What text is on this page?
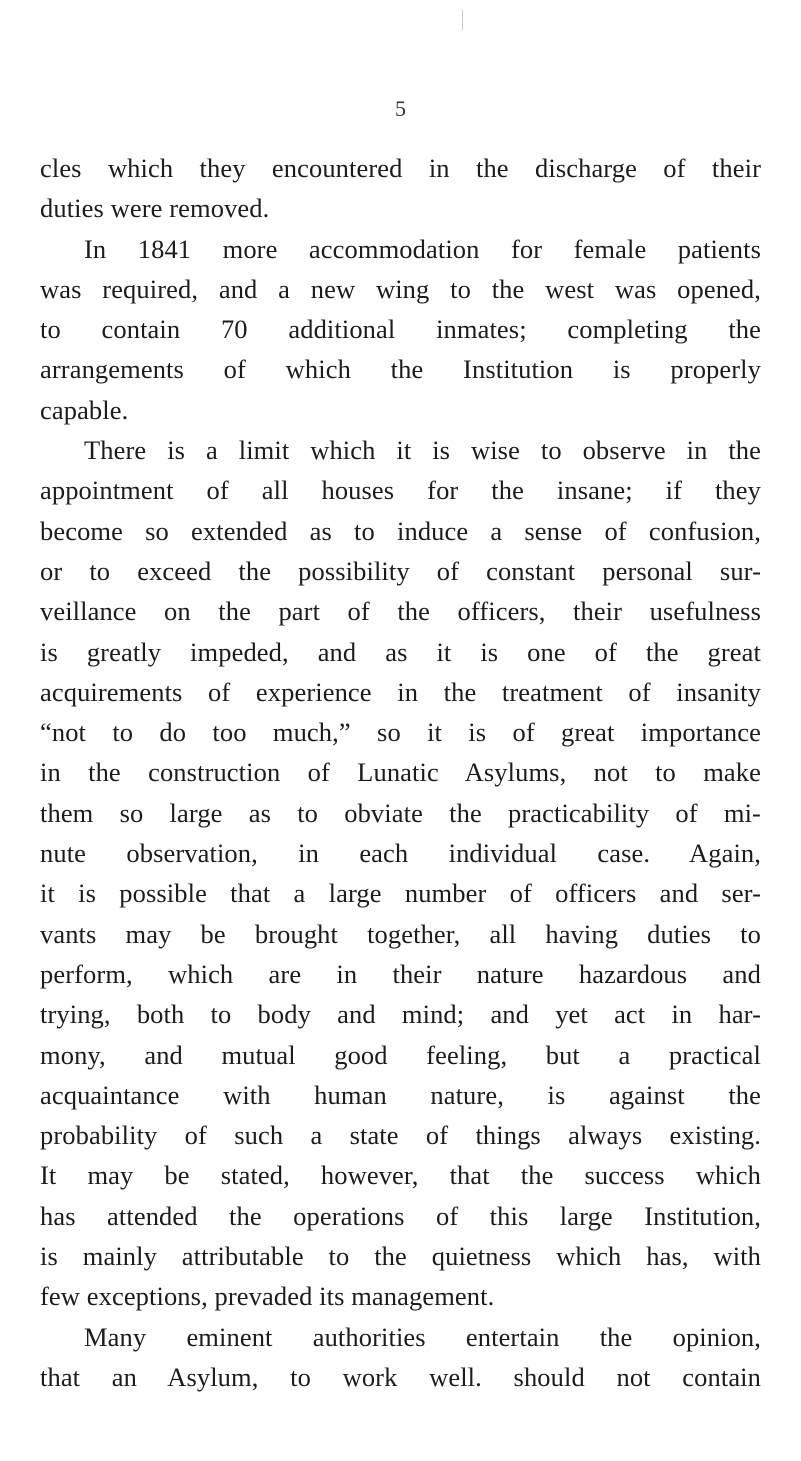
5
cles which they encountered in the discharge of their
duties were removed.
In 1841 more accommodation for female patients
was required, and a new wing to the west was opened,
to contain 70 additional inmates; completing the
arrangements of which the Institution is properly
capable.
There is a limit which it is wise to observe in the
appointment of all houses for the insane; if they
become so extended as to induce a sense of confusion,
or to exceed the possibility of constant personal sur-
veillance on the part of the officers, their usefulness
is greatly impeded, and as it is one of the great
acquirements of experience in the treatment of insanity
“not to do too much,” so it is of great importance
in the construction of Lunatic Asylums, not to make
them so large as to obviate the practicability of mi-
nute observation, in each individual case. Again,
it is possible that a large number of officers and ser-
vants may be brought together, all having duties to
perform, which are in their nature hazardous and
trying, both to body and mind; and yet act in har-
mony, and mutual good feeling, but a practical
acquaintance with human nature, is against the
probability of such a state of things always existing.
It may be stated, however, that the success which
has attended the operations of this large Institution,
is mainly attributable to the quietness which has, with
few exceptions, prevaded its management.
Many eminent authorities entertain the opinion,
that an Asylum, to work well. should not contain
